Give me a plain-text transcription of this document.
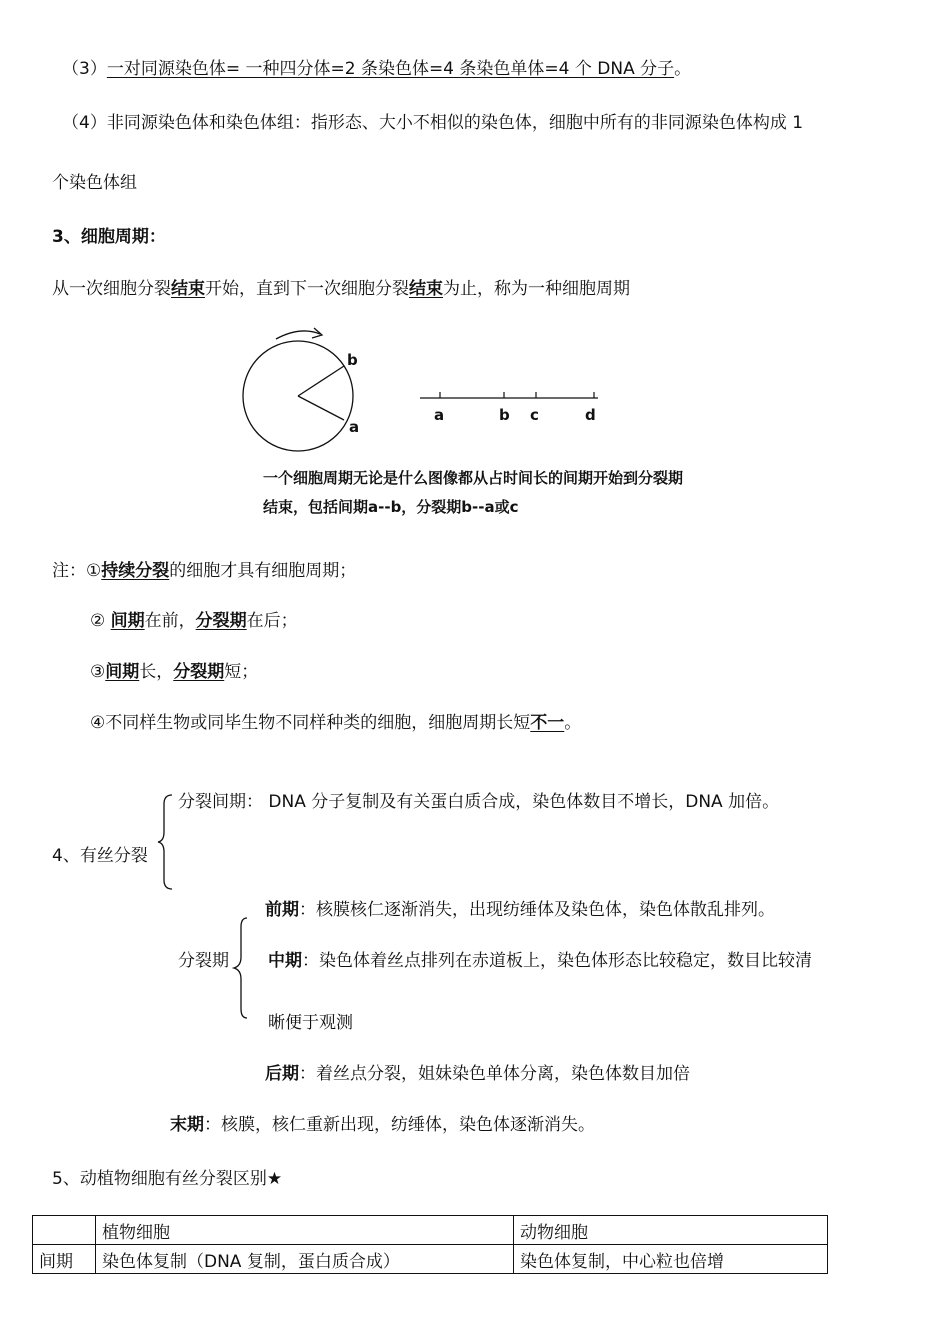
（3）一对同源染色体= 一种四分体=2 条染色体=4 条染色单体=4 个 DNA 分子。
（4）非同源染色体和染色体组：指形态、大小不相似的染色体，细胞中所有的非同源染色体构成 1
个染色体组
3、细胞周期：
从一次细胞分裂结束开始，直到下一次细胞分裂结束为止，称为一种细胞周期
b
a
a	b c	d
一个细胞周期无论是什么图像都从占时间长的间期开始到分裂期
结束，包括间期a--b，分裂期b--a或c
注：①持续分裂的细胞才具有细胞周期；
② 间期在前，分裂期在后；
③间期长，分裂期短；
④不同样生物或同毕生物不同样种类的细胞，细胞周期长短不一。
分裂间期： DNA 分子复制及有关蛋白质合成，染色体数目不增长，DNA 加倍。
4、有丝分裂
前期：核膜核仁逐渐消失，出现纺缍体及染色体，染色体散乱排列。
分裂期 中期：染色体着丝点排列在赤道板上，染色体形态比较稳定，数目比较清
晰便于观测
后期：着丝点分裂，姐妹染色单体分离，染色体数目加倍
末期：核膜，核仁重新出现，纺缍体，染色体逐渐消失。
5、动植物细胞有丝分裂区别★
	植物细胞	动物细胞
间期	染色体复制（DNA 复制，蛋白质合成）	染色体复制，中心粒也倍增
